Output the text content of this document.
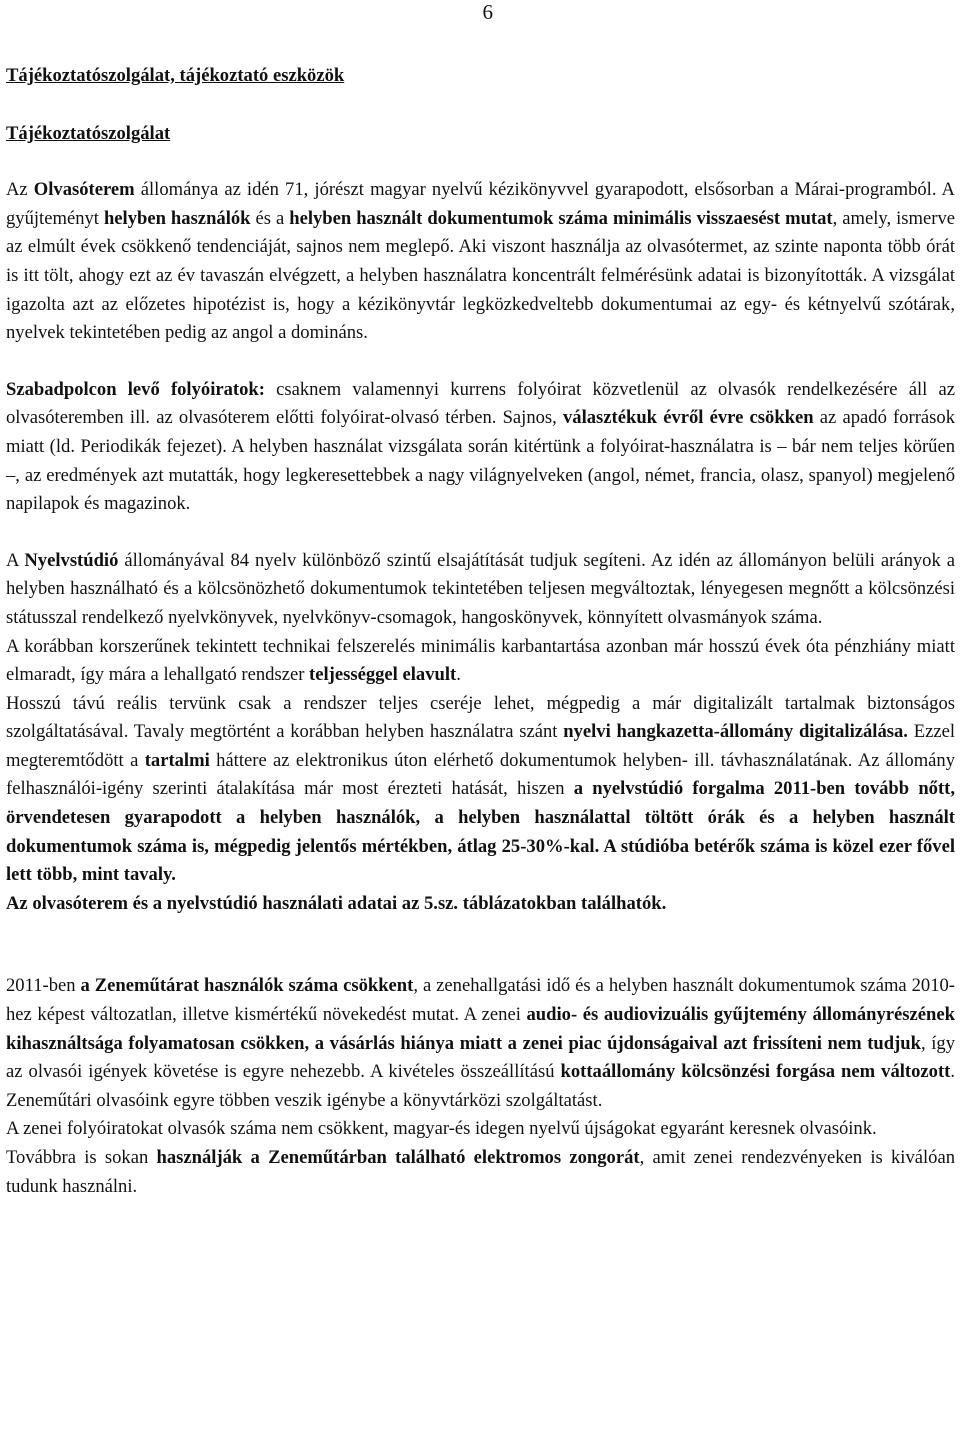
6
Tájékoztatószolgálat, tájékoztató eszközök
Tájékoztatószolgálat

Az Olvasóterem állománya az idén 71, jórészt magyar nyelvű kézikönyvvel gyarapodott, elsősorban a Márai-programból. A gyűjteményt helyben használók és a helyben használt dokumentumok száma minimális visszaesést mutat, amely, ismerve az elmúlt évek csökkenő tendenciáját, sajnos nem meglepő. Aki viszont használja az olvasótermet, az szinte naponta több órát is itt tölt, ahogy ezt az év tavaszán elvégzett, a helyben használatra koncentrált felmérésünk adatai is bizonyították. A vizsgálat igazolta azt az előzetes hipotézist is, hogy a kézikönyvtár legközkedveltebb dokumentumai az egy- és kétnyelvű szótárak, nyelvek tekintetében pedig az angol a domináns.

Szabadpolcon levő folyóiratok: csaknem valamennyi kurrens folyóirat közvetlenül az olvasók rendelkezésére áll az olvasóteremben ill. az olvasóterem előtti folyóirat-olvasó térben. Sajnos, választékuk évről évre csökken az apadó források miatt (ld. Periodikák fejezet). A helyben használat vizsgálata során kitértünk a folyóirat-használatra is – bár nem teljes körűen –, az eredmények azt mutatták, hogy legkeresettebbek a nagy világnyelveken (angol, német, francia, olasz, spanyol) megjelenő napilapok és magazinok.

A Nyelvstúdió állományával 84 nyelv különböző szintű elsajátítását tudjuk segíteni. Az idén az állományon belüli arányok a helyben használható és a kölcsönözhető dokumentumok tekintetében teljesen megváltoztak, lényegesen megnőtt a kölcsönzési státusszal rendelkező nyelvkönyvek, nyelvkönyv-csomagok, hangoskönyvek, könnyített olvasmányok száma.

A korábban korszerűnek tekintett technikai felszerelés minimális karbantartása azonban már hosszú évek óta pénzhiány miatt elmaradt, így mára a lehallgató rendszer teljességgel elavult.

Hosszú távú reális tervünk csak a rendszer teljes cseréje lehet, mégpedig a már digitalizált tartalmak biztonságos szolgáltatásával. Tavaly megtörtént a korábban helyben használatra szánt nyelvi hangkazetta-állomány digitalizálása. Ezzel megteremtődött a tartalmi háttere az elektronikus úton elérhető dokumentumok helyben- ill. távhasználatának. Az állomány felhasználói-igény szerinti átalakítása már most érezteti hatását, hiszen a nyelvstúdió forgalma 2011-ben tovább nőtt, örvendetesen gyarapodott a helyben használók, a helyben használattal töltött órák és a helyben használt dokumentumok száma is, mégpedig jelentős mértékben, átlag 25-30%-kal. A stúdióba betérők száma is közel ezer fővel lett több, mint tavaly.

Az olvasóterem és a nyelvstúdió használati adatai az 5.sz. táblázatokban találhatók.

2011-ben a Zeneműtárat használók száma csökkent, a zenehallgatási idő és a helyben használt dokumentumok száma 2010-hez képest változatlan, illetve kismértékű növekedést mutat. A zenei audio- és audiovizuális gyűjtemény állományrészének kihasználtsága folyamatosan csökken, a vásárlás hiánya miatt a zenei piac újdonságaival azt frissíteni nem tudjuk, így az olvasói igények követése is egyre nehezebb. A kivételes összeállítású kottaállomány kölcsönzési forgása nem változott. Zeneműtári olvasóink egyre többen veszik igénybe a könyvtárközi szolgáltatást.

A zenei folyóiratokat olvasók száma nem csökkent, magyar-és idegen nyelvű újságokat egyaránt keresnek olvasóink.

Továbbra is sokan használják a Zeneműtárban található elektromos zongorát, amit zenei rendezvényeken is kiválóan tudunk használni.
